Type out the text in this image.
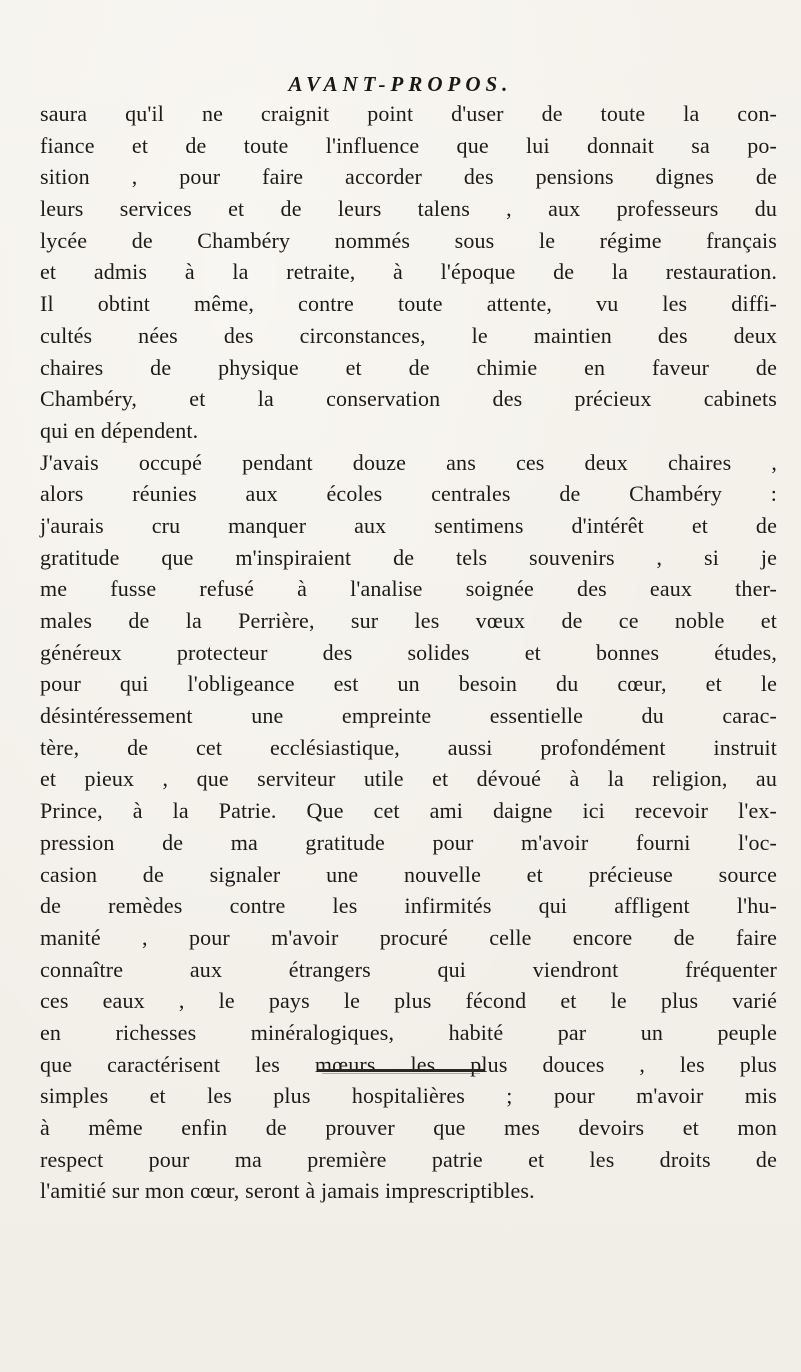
AVANT-PROPOS.
saura qu'il ne craignit point d'user de toute la con-
fiance et de toute l'influence que lui donnait sa po-
sition , pour faire accorder des pensions dignes de
leurs services et de leurs talens , aux professeurs du
lycée de Chambéry nommés sous le régime français
et admis à la retraite, à l'époque de la restauration.
Il obtint même, contre toute attente, vu les diffi-
cultés nées des circonstances, le maintien des deux
chaires de physique et de chimie en faveur de
Chambéry, et la conservation des précieux cabinets
qui en dépendent.
J'avais occupé pendant douze ans ces deux chaires ,
alors réunies aux écoles centrales de Chambéry :
j'aurais cru manquer aux sentimens d'intérêt et de
gratitude que m'inspiraient de tels souvenirs , si je
me fusse refusé à l'analise soignée des eaux ther-
males de la Perrière, sur les vœux de ce noble et
généreux protecteur des solides et bonnes études,
pour qui l'obligeance est un besoin du cœur, et le
désintéressement une empreinte essentielle du carac-
tère, de cet ecclésiastique, aussi profondément instruit
et pieux , que serviteur utile et dévoué à la religion, au
Prince, à la Patrie. Que cet ami daigne ici recevoir l'ex-
pression de ma gratitude pour m'avoir fourni l'oc-
casion de signaler une nouvelle et précieuse source
de remèdes contre les infirmités qui affligent l'hu-
manité , pour m'avoir procuré celle encore de faire
connaître aux étrangers qui viendront fréquenter
ces eaux , le pays le plus fécond et le plus varié
en richesses minéralogiques, habité par un peuple
que caractérisent les mœurs les plus douces , les plus
simples et les plus hospitalières ; pour m'avoir mis
à même enfin de prouver que mes devoirs et mon
respect pour ma première patrie et les droits de
l'amitié sur mon cœur, seront à jamais imprescriptibles.
